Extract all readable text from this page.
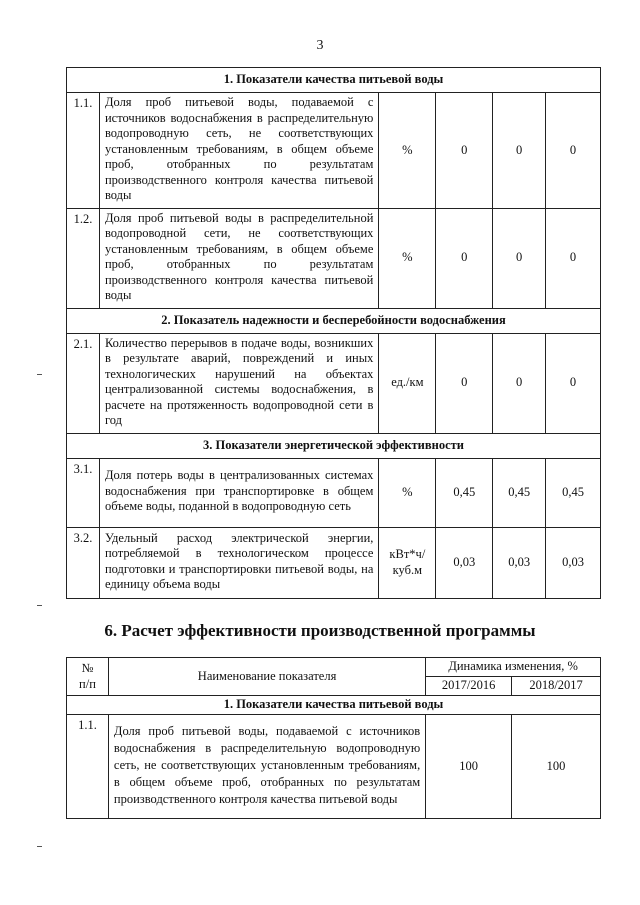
3
1. Показатели качества питьевой воды					
1.1.	Доля проб питьевой воды, подаваемой с источников водоснабжения в распределительную водопроводную сеть, не соответствующих установленным требованиям, в общем объеме проб, отобранных по результатам производственного контроля качества питьевой воды	%	0	0	0
1.2.	Доля проб питьевой воды в распределительной водопроводной сети, не соответствующих установленным требованиям, в общем объеме проб, отобранных по результатам производственного контроля качества питьевой воды	%	0	0	0
2. Показатель надежности и бесперебойности водоснабжения					
2.1.	Количество перерывов в подаче воды, возникших в результате аварий, повреждений и иных технологических нарушений на объектах централизованной системы водоснабжения, в расчете на протяженность водопроводной сети в год	ед./км	0	0	0
3. Показатели энергетической эффективности					
3.1.	Доля потерь воды в централизованных системах водоснабжения при транспортировке в общем объеме воды, поданной в водопроводную сеть	%	0,45	0,45	0,45
3.2.	Удельный расход электрической энергии, потребляемой в технологическом процессе подготовки и транспортировки питьевой воды, на единицу объема воды	кВт*ч/
куб.м	0,03	0,03	0,03
6. Расчет эффективности производственной программы
№
п/п	Наименование показателя	Динамика изменения, %	
		2017/2016	2018/2017
1. Показатели качества питьевой воды			
1.1.	Доля проб питьевой воды, подаваемой с источников водоснабжения в распределительную водопроводную сеть, не соответствующих установленным требованиям, в общем объеме проб, отобранных по результатам производственного контроля качества питьевой воды	100	100
